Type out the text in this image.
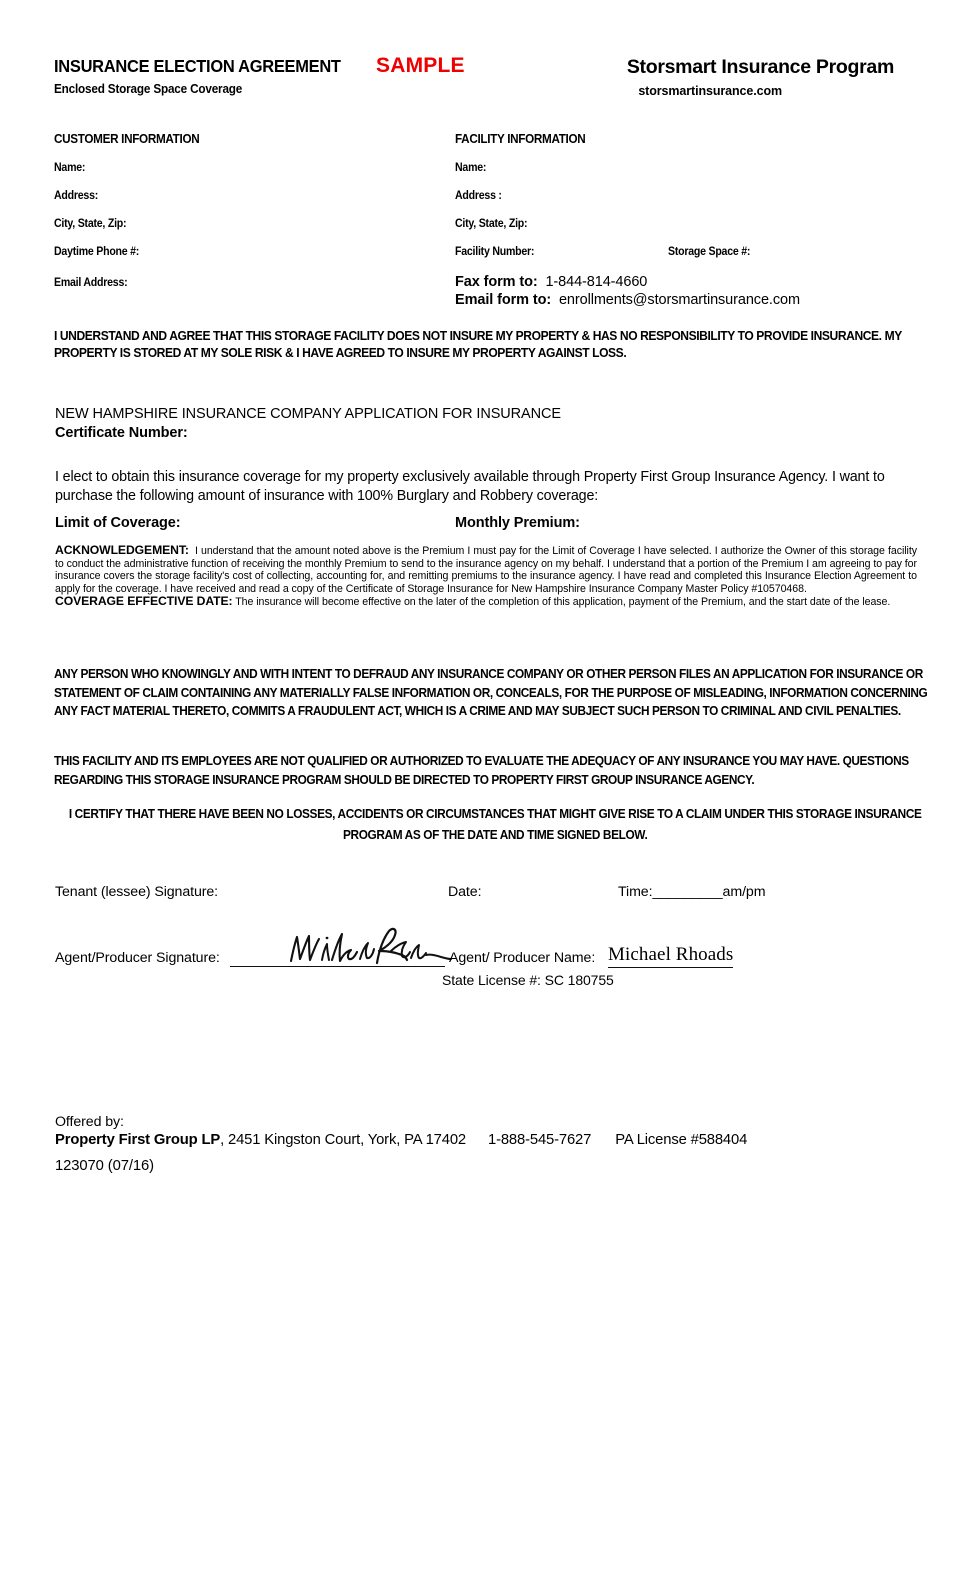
INSURANCE ELECTION AGREEMENT
Enclosed Storage Space Coverage
SAMPLE	Storsmart Insurance Program
storsmartinsurance.com
CUSTOMER INFORMATION	FACILITY INFORMATION
Name:
Address:
City, State, Zip:
Daytime Phone #:
Email Address:
Name:
Address :
City, State, Zip:
Facility Number:	Storage Space #:
Fax form to: 1-844-814-4660
Email form to: enrollments@storsmartinsurance.com
I UNDERSTAND AND AGREE THAT THIS STORAGE FACILITY DOES NOT INSURE MY PROPERTY & HAS NO RESPONSIBILITY TO PROVIDE INSURANCE. MY PROPERTY IS STORED AT MY SOLE RISK & I HAVE AGREED TO INSURE MY PROPERTY AGAINST LOSS.
NEW HAMPSHIRE INSURANCE COMPANY APPLICATION FOR INSURANCE
Certificate Number:
I elect to obtain this insurance coverage for my property exclusively available through Property First Group Insurance Agency. I want to purchase the following amount of insurance with 100% Burglary and Robbery coverage:
Limit of Coverage:	Monthly Premium:

ACKNOWLEDGEMENT: I understand that the amount noted above is the Premium I must pay for the Limit of Coverage I have selected. I authorize the Owner of this storage facility to conduct the administrative function of receiving the monthly Premium to send to the insurance agency on my behalf. I understand that a portion of the Premium I am agreeing to pay for insurance covers the storage facility's cost of collecting, accounting for, and remitting premiums to the insurance agency. I have read and completed this Insurance Election Agreement to apply for the coverage. I have received and read a copy of the Certificate of Storage Insurance for New Hampshire Insurance Company Master Policy #10570468.

COVERAGE EFFECTIVE DATE: The insurance will become effective on the later of the completion of this application, payment of the Premium, and the start date of the lease.

ANY PERSON WHO KNOWINGLY AND WITH INTENT TO DEFRAUD ANY INSURANCE COMPANY OR OTHER PERSON FILES AN APPLICATION FOR INSURANCE OR STATEMENT OF CLAIM CONTAINING ANY MATERIALLY FALSE INFORMATION OR, CONCEALS, FOR THE PURPOSE OF MISLEADING, INFORMATION CONCERNING ANY FACT MATERIAL THERETO, COMMITS A FRAUDULENT ACT, WHICH IS A CRIME AND MAY SUBJECT SUCH PERSON TO CRIMINAL AND CIVIL PENALTIES.
THIS FACILITY AND ITS EMPLOYEES ARE NOT QUALIFIED OR AUTHORIZED TO EVALUATE THE ADEQUACY OF ANY INSURANCE YOU MAY HAVE. QUESTIONS REGARDING THIS STORAGE INSURANCE PROGRAM SHOULD BE DIRECTED TO PROPERTY FIRST GROUP INSURANCE AGENCY.
I CERTIFY THAT THERE HAVE BEEN NO LOSSES, ACCIDENTS OR CIRCUMSTANCES THAT MIGHT GIVE RISE TO A CLAIM UNDER THIS STORAGE INSURANCE PROGRAM AS OF THE DATE AND TIME SIGNED BELOW.
Tenant (lessee) Signature:	Date:	Time:_________am/pm
Agent/Producer Signature:	Agent/ Producer Name: Michael Rhoads
State License #: SC 180755
Offered by:
Property First Group LP, 2451 Kingston Court, York, PA 17402 1-888-545-7627 PA License #588404
123070 (07/16)
